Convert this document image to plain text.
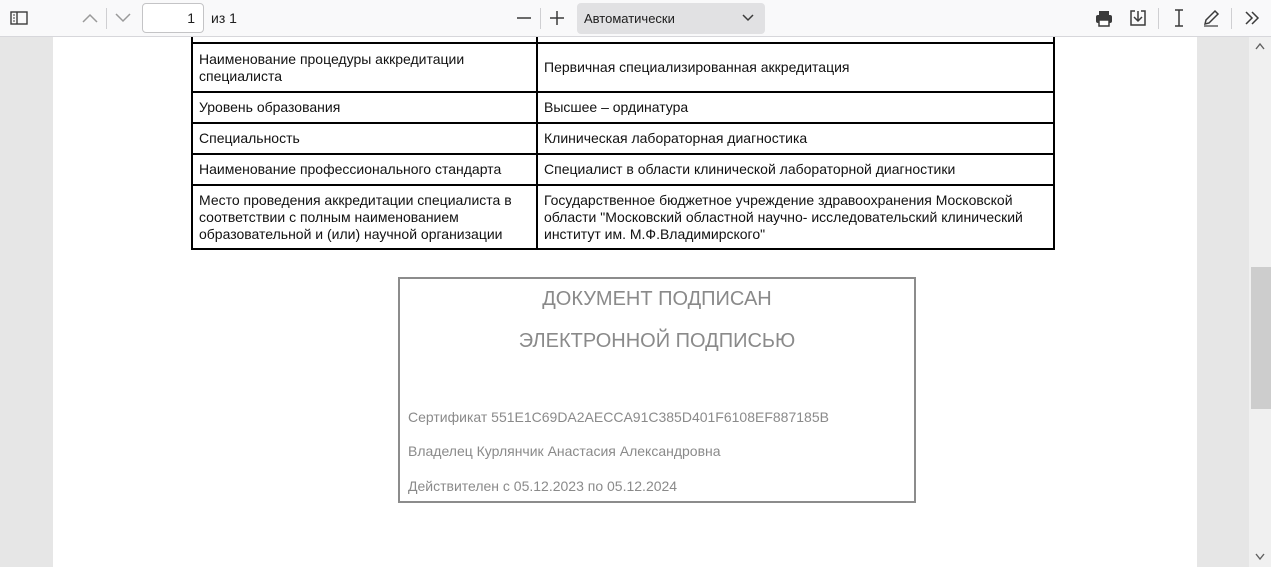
1	из 1	Автоматически
Наименование процедуры аккредитации специалиста	Первичная специализированная аккредитация
Уровень образования	Высшее – ординатура
Специальность	Клиническая лабораторная диагностика
Наименование профессионального стандарта	Специалист в области клинической лабораторной диагностики
Место проведения аккредитации специалиста в соответствии с полным наименованием образовательной и (или) научной организации	Государственное бюджетное учреждение здравоохранения Московской области "Московский областной научно- исследовательский клинический институт им. М.Ф.Владимирского"
ДОКУМЕНТ ПОДПИСАН
ЭЛЕКТРОННОЙ ПОДПИСЬЮ
Сертификат 551E1C69DA2AECCA91C385D401F6108EF887185B
Владелец Курлянчик Анастасия Александровна
Действителен с 05.12.2023 по 05.12.2024
